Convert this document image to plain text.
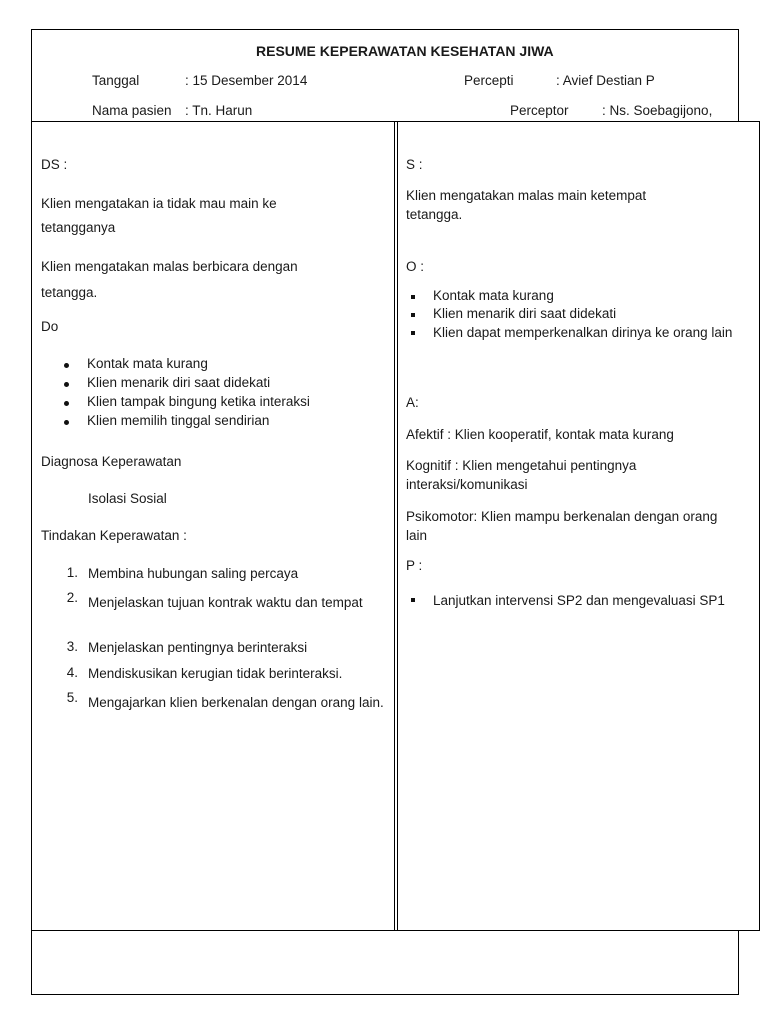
RESUME KEPERAWATAN KESEHATAN JIWA
Tanggal	: 15 Desember 2014	Percepti	: Avief Destian P
Nama pasien : Tn. Harun	Perceptor : Ns. Soebagijono,
DS :
Klien mengatakan ia tidak mau main ke tetangganya
Klien mengatakan malas berbicara dengan tetangga.
Do
Kontak mata kurang
Klien menarik diri saat didekati
Klien tampak bingung ketika interaksi
Klien memilih tinggal sendirian
Diagnosa Keperawatan
Isolasi Sosial
Tindakan Keperawatan :
1. Membina hubungan saling percaya
2. Menjelaskan tujuan kontrak waktu dan tempat
3. Menjelaskan pentingnya berinteraksi
4. Mendiskusikan kerugian tidak berinteraksi.
5. Mengajarkan klien berkenalan dengan orang lain.
S :
Klien mengatakan malas main ketempat tetangga.
O :
Kontak mata kurang
Klien menarik diri saat didekati
Klien dapat memperkenalkan dirinya ke orang lain
A:
Afektif : Klien kooperatif, kontak mata kurang
Kognitif : Klien mengetahui pentingnya interaksi/komunikasi
Psikomotor: Klien mampu berkenalan dengan orang lain
P :
Lanjutkan intervensi SP2 dan mengevaluasi SP1
